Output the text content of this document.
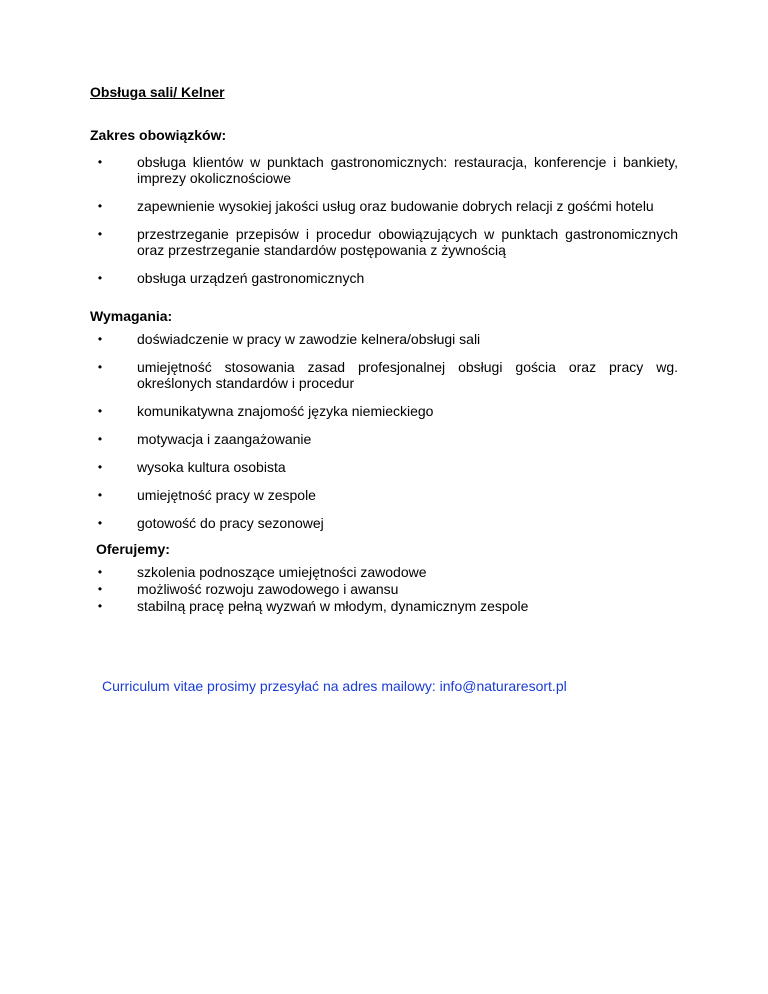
Obsługa sali/ Kelner

Zakres obowiązków:

•	obsługa klientów w punktach gastronomicznych: restauracja, konferencje i bankiety, imprezy okolicznościowe
•	zapewnienie wysokiej jakości usług oraz budowanie dobrych relacji z gośćmi hotelu
•	przestrzeganie przepisów i procedur obowiązujących w punktach gastronomicznych oraz przestrzeganie standardów postępowania z żywnością
•	obsługa urządzeń gastronomicznych

Wymagania:

•	doświadczenie w pracy w zawodzie kelnera/obsługi sali
•	umiejętność stosowania zasad profesjonalnej obsługi gościa oraz pracy wg. określonych standardów i procedur
•	komunikatywna znajomość języka niemieckiego
•	motywacja i zaangażowanie
•	wysoka kultura osobista
•	umiejętność pracy w zespole
•	gotowość do pracy sezonowej

Oferujemy:

•	szkolenia podnoszące umiejętności zawodowe
•	możliwość rozwoju zawodowego i awansu
•	stabilną pracę pełną wyzwań w młodym, dynamicznym zespole

Curriculum vitae prosimy przesyłać na adres mailowy: info@naturaresort.pl
